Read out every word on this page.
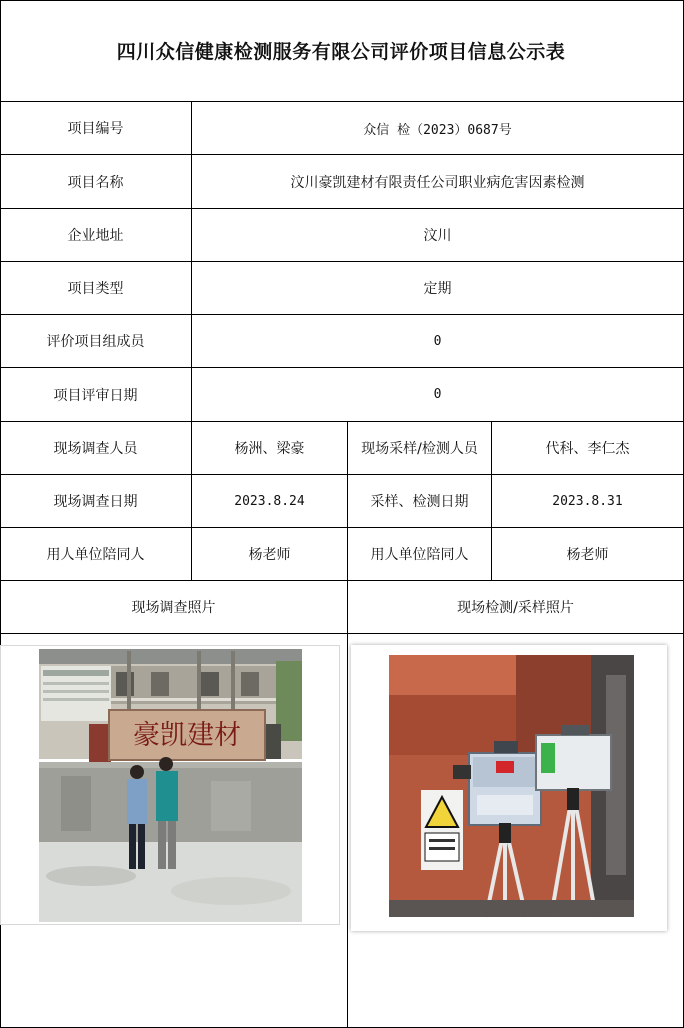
四川众信健康检测服务有限公司评价项目信息公示表
项目编号	众信 检（2023）0687号
项目名称	汶川豪凯建材有限责任公司职业病危害因素检测
企业地址	汶川
项目类型	定期
评价项目组成员	0
项目评审日期	0
现场调查人员	杨洲、梁豪	现场采样/检测人员	代科、李仁杰
现场调查日期	2023.8.24	采样、检测日期	2023.8.31
用人单位陪同人	杨老师	用人单位陪同人	杨老师
现场调查照片	现场检测/采样照片
豪凯建材
